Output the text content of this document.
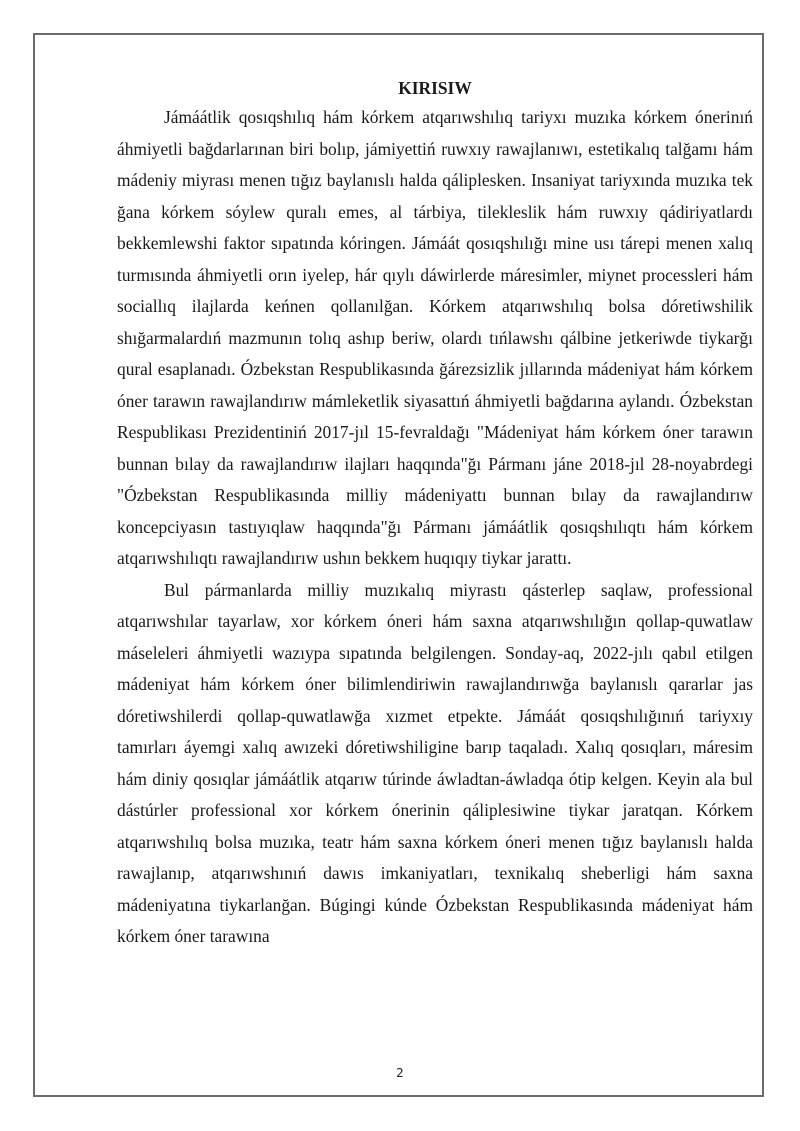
KIRISIW

Jámáátlik qosıqshılıq hám kórkem atqarıwshılıq tariyxı muzıka kórkem ónerinıń áhmiyetli bağdarlarınan biri bolıp, jámiyettiń ruwxıy rawajlanıwı, estetikalıq talğamı hám mádeniy miyrası menen tığız baylanıslı halda qáliplesken. Insaniyat tariyxında muzıka tek ğana kórkem sóylew quralı emes, al tárbiya, tilekleslik hám ruwxıy qádiriyatlardı bekkemlewshi faktor sıpatında kóringen. Jámáát qosıqshılığı mine usı tárepi menen xalıq turmısında áhmiyetli orın iyelep, hár qıylı dáwirlerde máresimler, miynet processleri hám sociallıq ilajlarda keńnen qollanılğan. Kórkem atqarıwshılıq bolsa dóretiwshilik shığarmalardıń mazmunın tolıq ashıp beriw, olardı tıńlawshı qálbine jetkeriwde tiykarğı qural esaplanadı. Ózbekstan Respublikasında ğárezsizlik jıllarında mádeniyat hám kórkem óner tarawın rawajlandırıw mámleketlik siyasattıń áhmiyetli bağdarına aylandı. Ózbekstan Respublikası Prezidentiniń 2017-jıl 15-fevraldağı "Mádeniyat hám kórkem óner tarawın bunnan bılay da rawajlandırıw ilajları haqqında"ğı Pármanı jáne 2018-jıl 28-noyabrdegi "Ózbekstan Respublikasında milliy mádeniyattı bunnan bılay da rawajlandırıw koncepciyasın tastıyıqlaw haqqında"ğı Pármanı jámáátlik qosıqshılıqtı hám kórkem atqarıwshılıqtı rawajlandırıw ushın bekkem huqıqıy tiykar jarattı.

Bul pármanlarda milliy muzıkalıq miyrastı qásterlep saqlaw, professional atqarıwshılar tayarlaw, xor kórkem óneri hám saxna atqarıwshılığın qollap-quwatlaw máseleleri áhmiyetli wazıypa sıpatında belgilengen. Sonday-aq, 2022-jılı qabıl etilgen mádeniyat hám kórkem óner bilimlendiriwin rawajlandırıwğa baylanıslı qararlar jas dóretiwshilerdi qollap-quwatlawğa xızmet etpekte. Jámáát qosıqshılığınıń tariyxıy tamırları áyemgi xalıq awızeki dóretiwshiligine barıp taqaladı. Xalıq qosıqları, máresim hám diniy qosıqlar jámáátlik atqarıw túrinde áwladtan-áwladqa ótip kelgen. Keyin ala bul dástúrler professional xor kórkem ónerinin qáliplesiwine tiykar jaratqan. Kórkem atqarıwshılıq bolsa muzıka, teatr hám saxna kórkem óneri menen tığız baylanıslı halda rawajlanıp, atqarıwshınıń dawıs imkaniyatları, texnikalıq sheberligi hám saxna mádeniyatına tiykarlanğan. Búgingi kúnde Ózbekstan Respublikasında mádeniyat hám kórkem óner tarawına

2
